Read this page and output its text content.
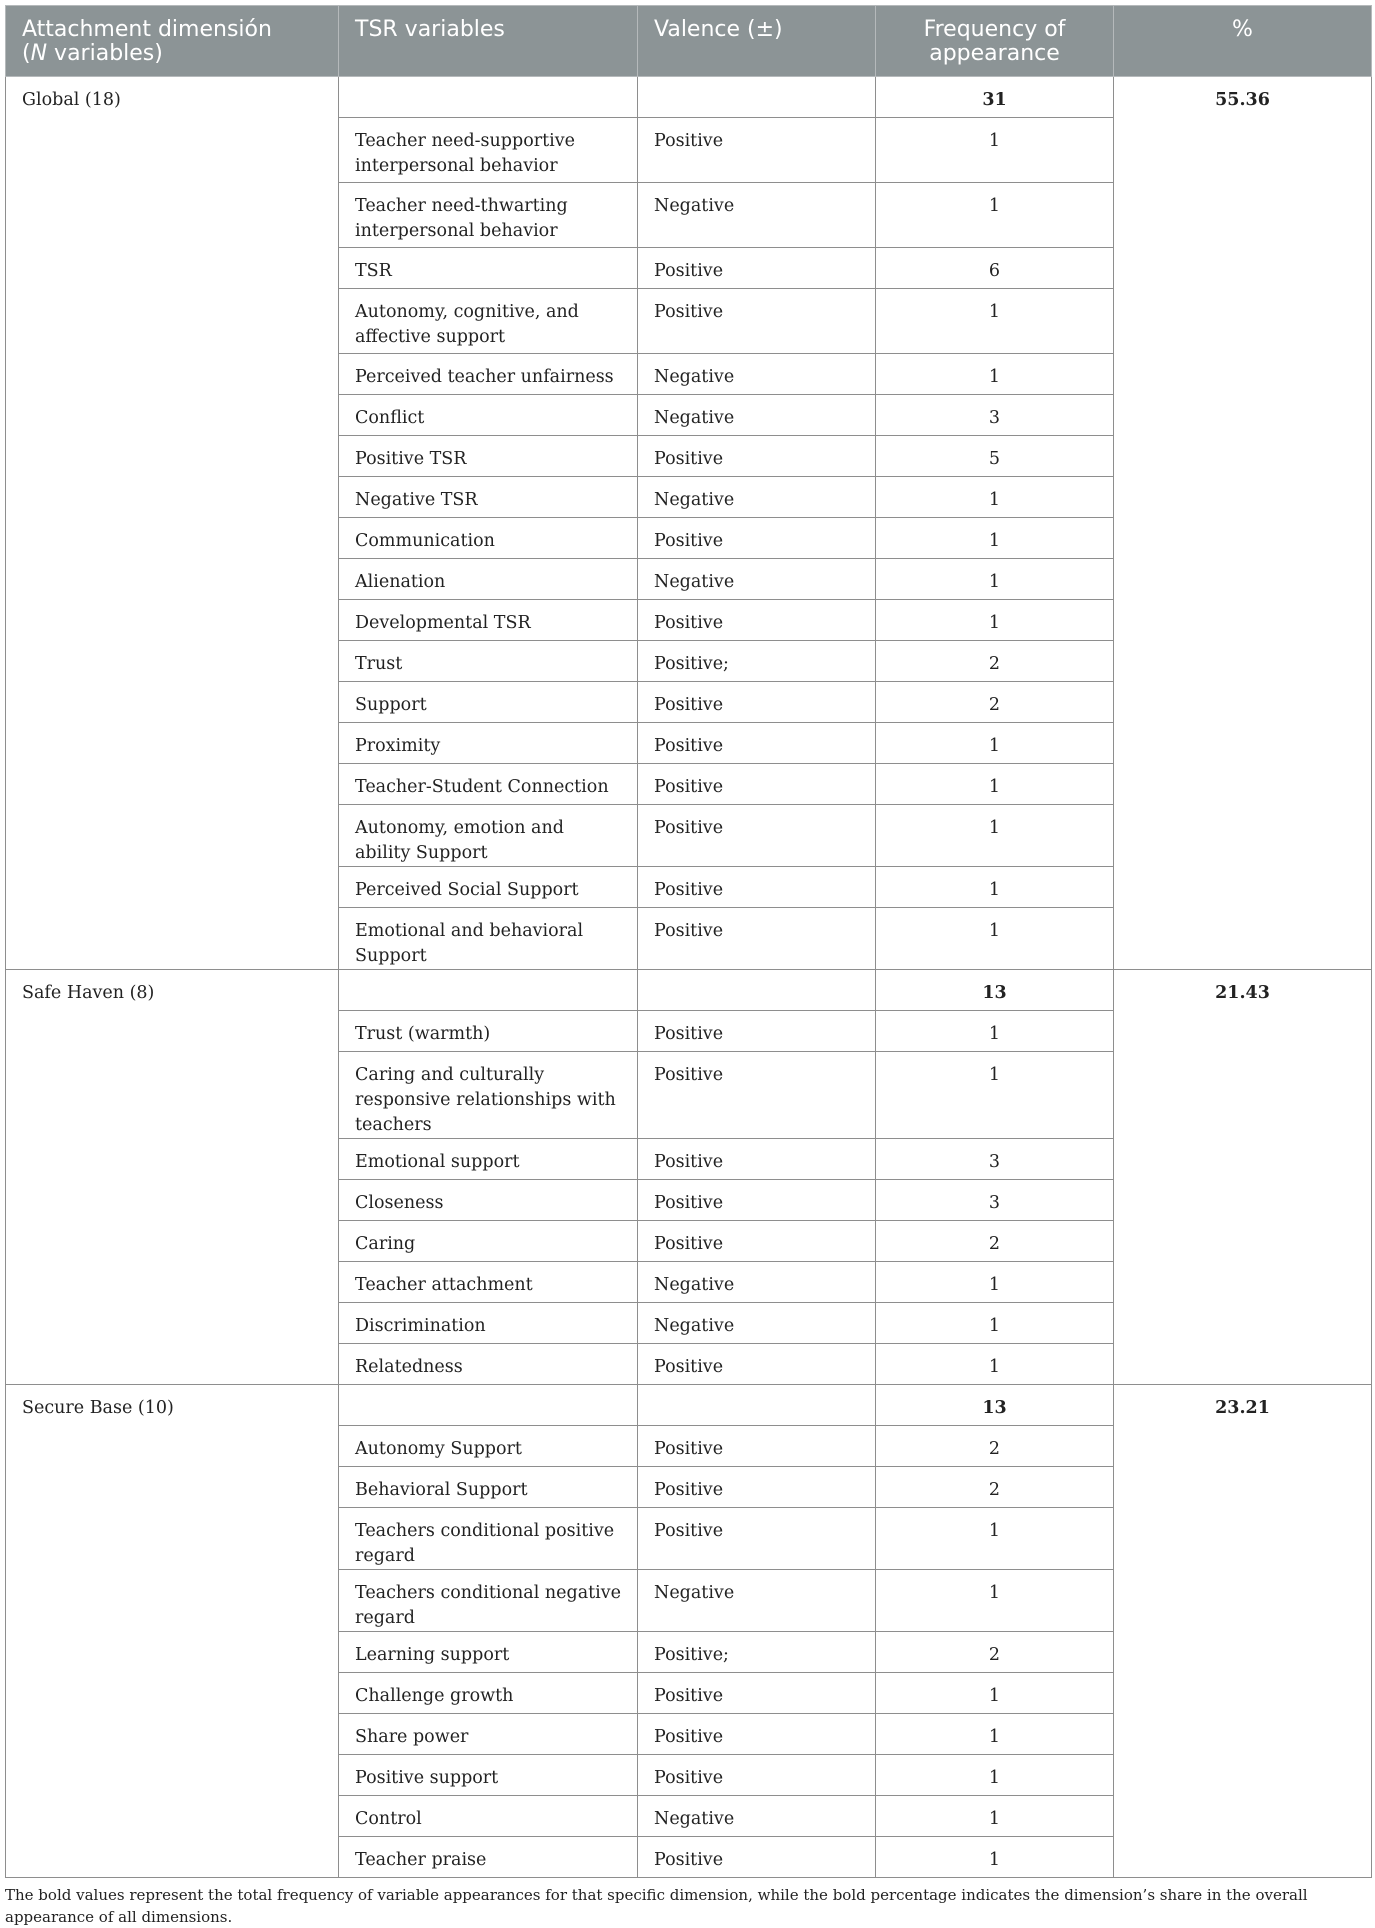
Attachment dimensión
(N variables)	TSR variables	Valence (±)	Frequency of appearance	%
Global (18)			31	55.36
	Teacher need-supportive interpersonal behavior	Positive	1	
	Teacher need-thwarting interpersonal behavior	Negative	1	
	TSR	Positive	6	
	Autonomy, cognitive, and affective support	Positive	1	
	Perceived teacher unfairness	Negative	1	
	Conflict	Negative	3	
	Positive TSR	Positive	5	
	Negative TSR	Negative	1	
	Communication	Positive	1	
	Alienation	Negative	1	
	Developmental TSR	Positive	1	
	Trust	Positive;	2	
	Support	Positive	2	
	Proximity	Positive	1	
	Teacher-Student Connection	Positive	1	
	Autonomy, emotion and ability Support	Positive	1	
	Perceived Social Support	Positive	1	
	Emotional and behavioral Support	Positive	1	
Safe Haven (8)			13	21.43
	Trust (warmth)	Positive	1	
	Caring and culturally responsive relationships with teachers	Positive	1	
	Emotional support	Positive	3	
	Closeness	Positive	3	
	Caring	Positive	2	
	Teacher attachment	Negative	1	
	Discrimination	Negative	1	
	Relatedness	Positive	1	
Secure Base (10)			13	23.21
	Autonomy Support	Positive	2	
	Behavioral Support	Positive	2	
	Teachers conditional positive regard	Positive	1	
	Teachers conditional negative regard	Negative	1	
	Learning support	Positive;	2	
	Challenge growth	Positive	1	
	Share power	Positive	1	
	Positive support	Positive	1	
	Control	Negative	1	
	Teacher praise	Positive	1	
The bold values represent the total frequency of variable appearances for that specific dimension, while the bold percentage indicates the dimension’s share in the overall appearance of all dimensions.
